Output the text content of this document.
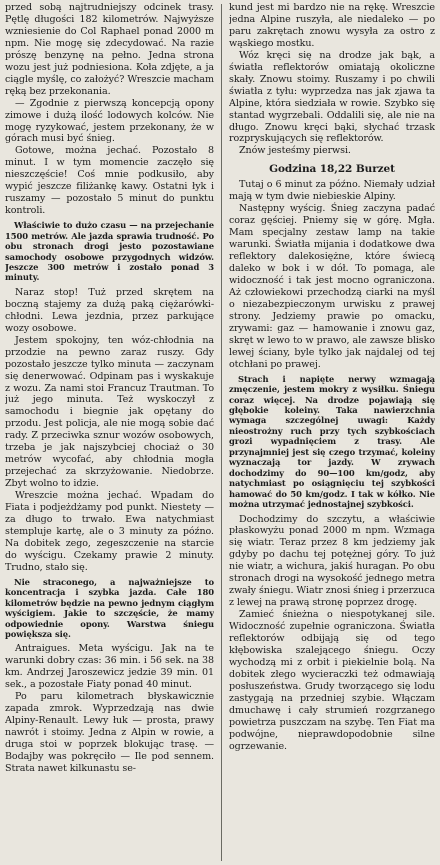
przed sobą najtrudniejszy odcinek trasy. Pętlę długości 182 kilometrów. Najwyższe wzniesienie do Col Raphael ponad 2000 m npm. Nie mogę się zdecydować. Na razie prószę benzynę na pełno. Jedna strona wozu jest już podniesiona. Koła zdjęte, a ja ciągle myślę, co założyć? Wreszcie macham ręką bez przekonania.

— Zgodnie z pierwszą koncepcją opony zimowe i dużą ilość lodowych kolców. Nie mogę ryzykować, jestem przekonany, że w górach musi być śnieg.

Gotowe, można jechać. Pozostało 8 minut. I w tym momencie zaczęło się nieszczęście! Coś mnie podkusiło, aby wypić jeszcze filiżankę kawy. Ostatni łyk i ruszamy — pozostało 5 minut do punktu kontroli.

Właściwie to dużo czasu — na przejechanie 1500 metrów. Ale jazda sprawia trudność. Po obu stronach drogi jesto pozostawiane samochody osobowe przygodnych widzów. Jeszcze 300 metrów i zostało ponad 3 minuty.

Naraz stop! Tuż przed skrętem na boczną stajemy za dużą paką ciężarówki-chłodni. Lewa jezdnia, przez parkujące wozy osobowe.

Jestem spokojny, ten wóz-chłodnia na przodzie na pewno zaraz ruszy. Gdy pozostało jeszcze tylko minuta — zaczynam się denerwować. Odpinam pas i wyskakuje z wozu. Za nami stoi Francuz Trautman. To już jego minuta. Też wyskoczył z samochodu i biegnie jak opętany do przodu. Jest policja, ale nie mogą sobie dać rady. Z przeciwka sznur wozów osobowych, trzeba je jak najszybciej chociaż o 30 metrów wycofać, aby chłodnia mogła przejechać za skrzyżowanie. Niedobrze. Zbyt wolno to idzie.

Wreszcie można jechać. Wpadam do Fiata i podjeżdżamy pod punkt. Niestety — za długo to trwało. Ewa natychmiast stempluje kartę, ale o 3 minuty za późno. Na dobitek zego, zegeszczenie na starcie do wyścigu. Czekamy prawie 2 minuty. Trudno, stało się.

Nie straconego, a najważniejsze to koncentracja i szybka jazda. Całe 180 kilometrów będzie na pewno jednym ciągłym wyścigiem. Jakie to szczęście, że mamy odpowiednie opony. Warstwa śniegu powiększa się.

Antraigues. Meta wyścigu. Jak na te warunki dobry czas: 36 min. i 56 sek. na 38 km. Andrzej Jaroszewicz jedzie 39 min. 01 sek., a pozostałe Fiaty ponad 40 minut.

Po paru kilometrach błyskawicznie zapada zmrok. Wyprzedzają nas dwie Alpiny-Renault. Lewy łuk — prosta, prawy nawrót i stoimy. Jedna z Alpin w rowie, a druga stoi w poprzek blokując trasę. — Bodajby was pokręciło — Ile pod sennem. Strata nawet kilkunastu se-

kund jest mi bardzo nie na rękę. Wreszcie jedna Alpine ruszyła, ale niedaleko — po paru zakrętach znowu wysyła za ostro z wąskiego mostku.

Wóz kręci się na drodze jak bąk, a światła reflektorów omiatają okoliczne skały. Znowu stoimy. Ruszamy i po chwili światła z tyłu: wyprzedza nas jak zjawa ta Alpine, która siedziała w rowie. Szybko się stantad wygrzebali. Oddalili się, ale nie na długo. Znowu kręci bąki, słychać trzask rozpryskujących się reflektorów.

Znów jesteśmy pierwsi.

Godzina 18,22 Burzet

Tutaj o 6 minut za późno. Niemały udział mają w tym dwie niebieskie Alpiny.

Następny wyścig. Śnieg zaczyna padać coraz gęściej. Pniemy się w górę. Mgła. Mam specjalny zestaw lamp na takie warunki. Światła mijania i dodatkowe dwa reflektory dalekosiężne, które świecą daleko w bok i w dół. To pomaga, ale widoczność i tak jest mocno ograniczona. Aż człowiekowi przechodzą ciarki na myśl o niezabezpieczonym urwisku z prawej strony. Jedziemy prawie po omacku, zrywami: gaz — hamowanie i znowu gaz, skręt w lewo to w prawo, ale zawsze blisko lewej ściany, byle tylko jak najdalej od tej otchłani po prawej.

Strach i napięte nerwy wzmagają zmęczenie, jestem mokry z wysiłku. Śniegu coraz więcej. Na drodze pojawiają się głębokie koleiny. Taka nawierzchnia wymaga szczególnej uwagi: Każdy nieostrożny ruch przy tych szybkościach grozi wypadnięciem z trasy. Ale przynajmniej jest się czego trzymać, koleiny wyznaczają tor jazdy. W zrywach dochodzimy do 90—100 km/godz, aby natychmiast po osiągnięciu tej szybkości hamować do 50 km/godz. I tak w kółko. Nie można utrzymać jednostajnej szybkości.

Dochodzimy do szczytu, a właściwie płaskowyżu ponad 2000 m npm. Wzmaga się wiatr. Teraz przez 8 km jedziemy jak gdyby po dachu tej potężnej góry. To już nie wiatr, a wichura, jakiś huragan. Po obu stronach drogi na wysokość jednego metra zwały śniegu. Wiatr znosi śnieg i przerzuca z lewej na prawą stronę poprzez drogę.

Zamieć śnieżna o niespotykanej sile. Widoczność zupełnie ograniczona. Światła reflektorów odbijają się od tego kłębowiska szalejącego śniegu. Oczy wychodzą mi z orbit i piekielnie bolą. Na dobitek złego wycieraczki też odmawiają posłuszeństwa. Grudy tworzącego się lodu zastygają na przedniej szybie. Włączam dmuchawę i cały strumień rozgrzanego powietrza puszczam na szybę. Ten Fiat ma podwójne, nieprawdopodobnie silne ogrzewanie.
